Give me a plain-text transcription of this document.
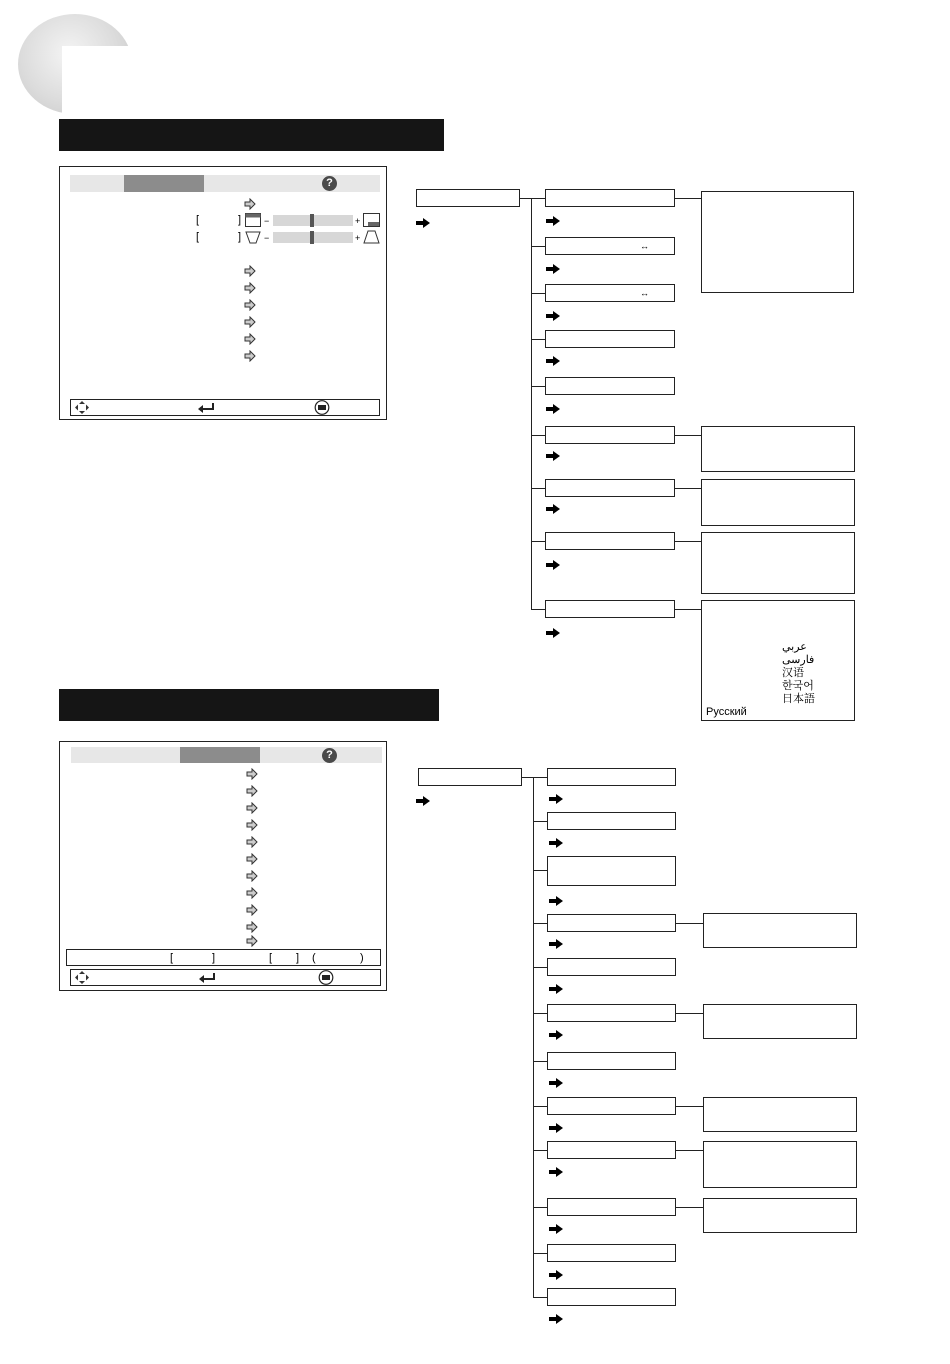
?
[	]	−	+
[	]	−	+
↔
↔
عربي
فارسی
汉语
한국어
日本語
Русский
?
[	]	[ ] (	)
